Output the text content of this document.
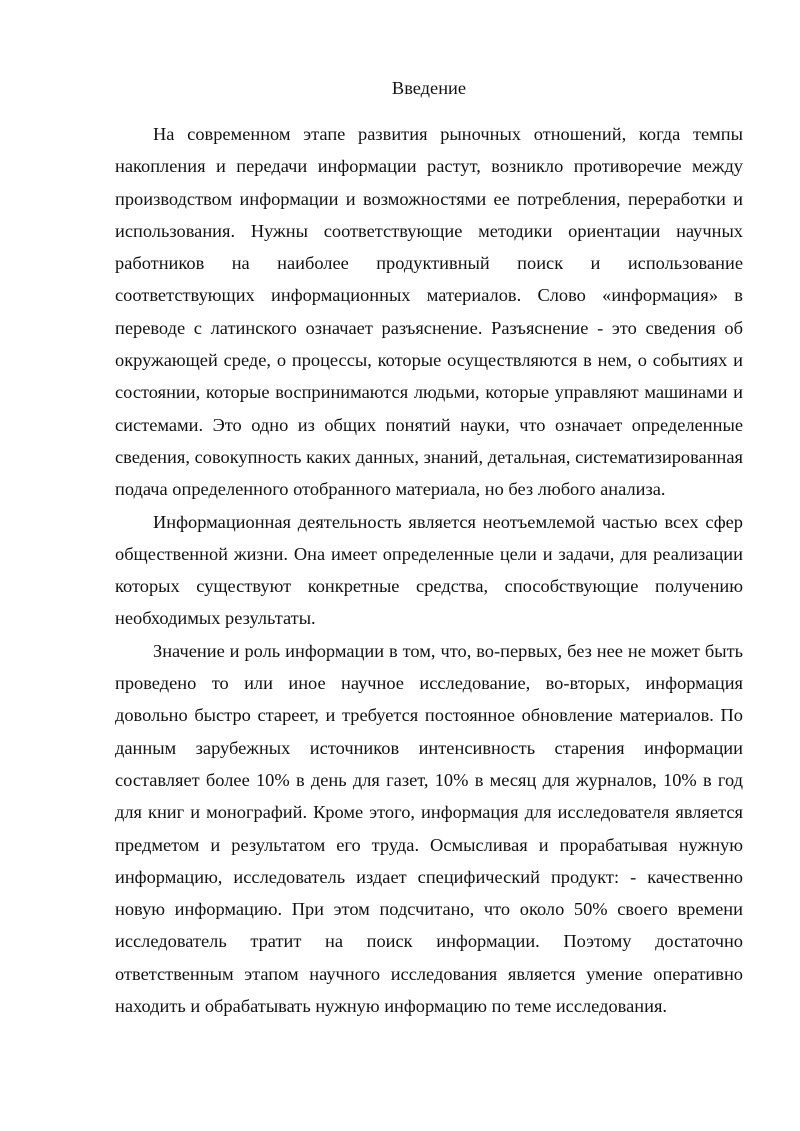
Введение

На современном этапе развития рыночных отношений, когда темпы накопления и передачи информации растут, возникло противоречие между производством информации и возможностями ее потребления, переработки и использования. Нужны соответствующие методики ориентации научных работников на наиболее продуктивный поиск и использование соответствующих информационных материалов. Слово «информация» в переводе с латинского означает разъяснение. Разъяснение - это сведения об окружающей среде, о процессы, которые осуществляются в нем, о событиях и состоянии, которые воспринимаются людьми, которые управляют машинами и системами. Это одно из общих понятий науки, что означает определенные сведения, совокупность каких данных, знаний, детальная, систематизированная подача определенного отобранного материала, но без любого анализа.

Информационная деятельность является неотъемлемой частью всех сфер общественной жизни. Она имеет определенные цели и задачи, для реализации которых существуют конкретные средства, способствующие получению необходимых результаты.

Значение и роль информации в том, что, во-первых, без нее не может быть проведено то или иное научное исследование, во-вторых, информация довольно быстро стареет, и требуется постоянное обновление материалов. По данным зарубежных источников интенсивность старения информации составляет более 10% в день для газет, 10% в месяц для журналов, 10% в год для книг и монографий. Кроме этого, информация для исследователя является предметом и результатом его труда. Осмысливая и прорабатывая нужную информацию, исследователь издает специфический продукт: - качественно новую информацию. При этом подсчитано, что около 50% своего времени исследователь тратит на поиск информации. Поэтому достаточно ответственным этапом научного исследования является умение оперативно находить и обрабатывать нужную информацию по теме исследования.
